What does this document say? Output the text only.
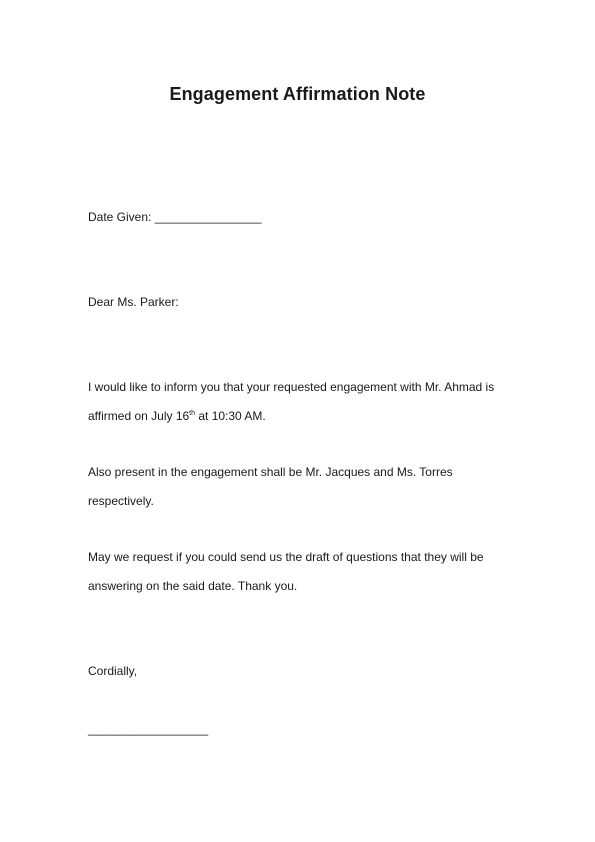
Engagement Affirmation Note
Date Given: ________________
Dear Ms. Parker:
I would like to inform you that your requested engagement with Mr. Ahmad is
affirmed on July 16th at 10:30 AM.
Also present in the engagement shall be Mr. Jacques and Ms. Torres
respectively.
May we request if you could send us the draft of questions that they will be
answering on the said date. Thank you.
Cordially,
__________________
